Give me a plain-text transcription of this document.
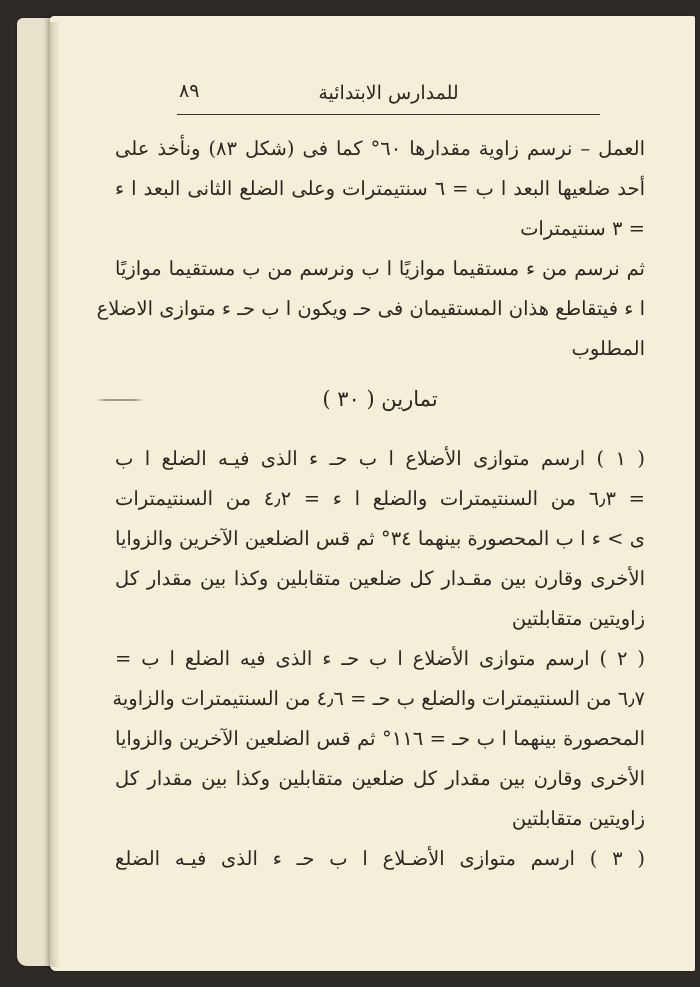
للمدارس الابتدائية
٨٩
العمل – نرسم زاوية مقدارها ٦٠° كما فى (شكل ٨٣) ونأخذ على
أحد ضلعيها البعد ا ب = ٦ سنتيمترات وعلى الضلع الثانى البعد ا ء
= ٣ سنتيمترات
ثم نرسم من ء مستقيما موازيًا ا ب ونرسم من ب مستقيما موازيًا
ا ء فيتقاطع هذان المستقيمان فى حـ ويكون ا ب حـ ء متوازى الاضلاع
المطلوب
تمارين ( ٣٠ )
( ١ ) ارسم متوازى الأضلاع ا ب حـ ء الذى فيـه الضلع ا ب
= ٦٫٣ من السنتيمترات والضلع ا ء = ٤٫٢ من السنتيمترات
ى > ء ا ب المحصورة بينهما ٣٤° ثم قس الضلعين الآخرين والزوايا
الأخرى وقارن بين مقـدار كل ضلعين متقابلين وكذا بين مقدار كل
زاويتين متقابلتين
( ٢ ) ارسم متوازى الأضلاع ا ب حـ ء الذى فيه الضلع ا ب =
٦٫٧ من السنتيمترات والضلع ب حـ = ٤٫٦ من السنتيمترات والزاوية
المحصورة بينهما ا ب حـ = ١١٦° ثم قس الضلعين الآخرين والزوايا
الأخرى وقارن بين مقدار كل ضلعين متقابلين وكذا بين مقدار كل
زاويتين متقابلتين
( ٣ ) ارسم متوازى الأضـلاع ا ب حـ ء الذى فيـه الضلع
